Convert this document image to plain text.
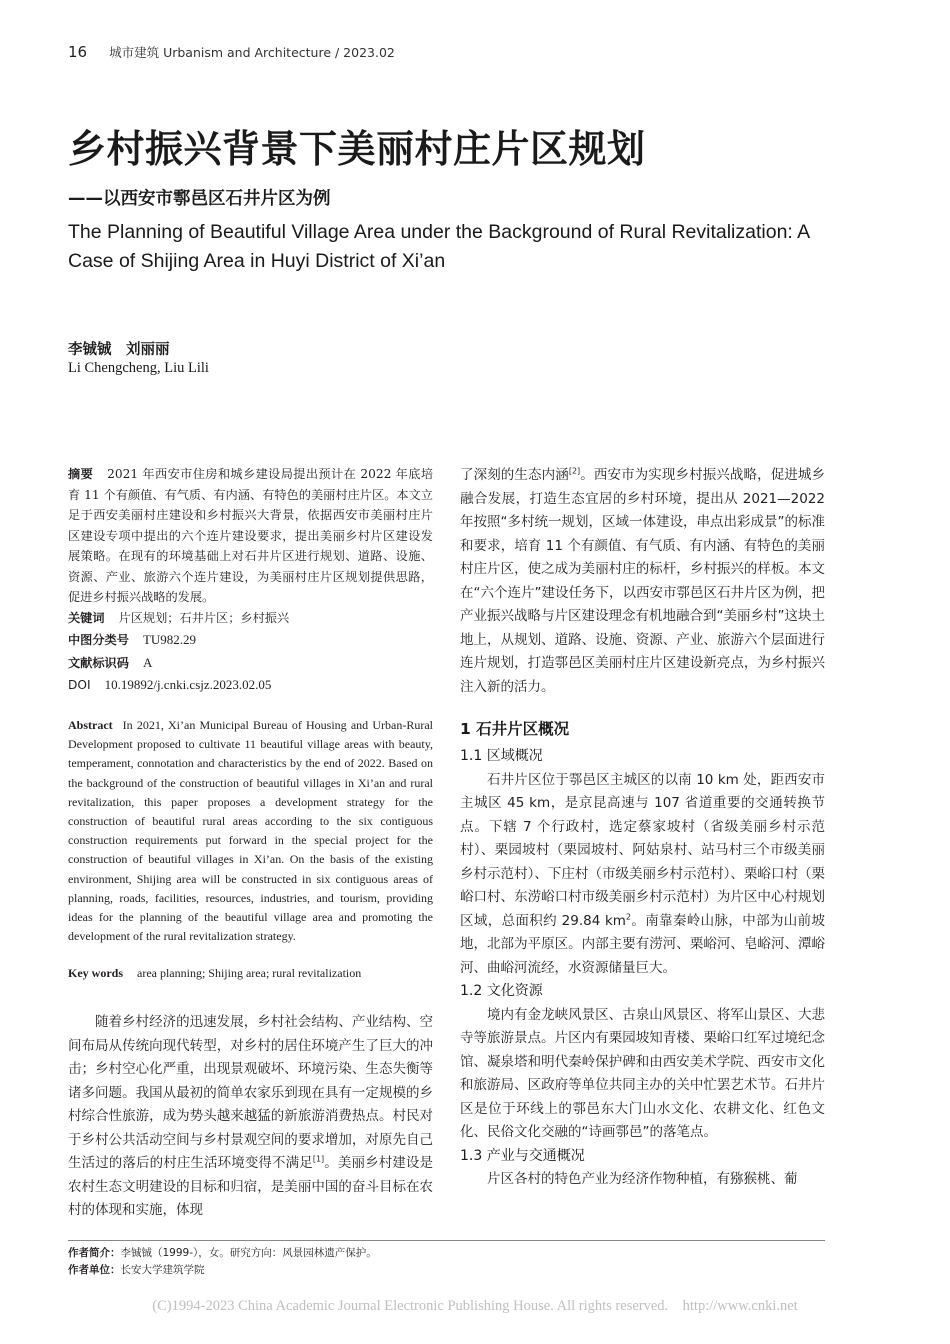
16 城市建筑 Urbanism and Architecture / 2023.02
乡村振兴背景下美丽村庄片区规划
——以西安市鄠邑区石井片区为例
The Planning of Beautiful Village Area under the Background of Rural Revitalization: A Case of Shijing Area in Huyi District of Xi’an
李铖铖　刘丽丽
Li Chengcheng, Liu Lili

摘要 2021 年西安市住房和城乡建设局提出预计在 2022 年底培育 11 个有颜值、有气质、有内涵、有特色的美丽村庄片区。本文立足于西安美丽村庄建设和乡村振兴大背景，依据西安市美丽村庄片区建设专项中提出的六个连片建设要求，提出美丽乡村片区建设发展策略。在现有的环境基础上对石井片区进行规划、道路、设施、资源、产业、旅游六个连片建设，为美丽村庄片区规划提供思路，促进乡村振兴战略的发展。

关键词 片区规划；石井片区；乡村振兴
中图分类号 TU982.29
文献标识码 A
DOI 10.19892/j.cnki.csjz.2023.02.05

Abstract In 2021, Xi’an Municipal Bureau of Housing and Urban-Rural Development proposed to cultivate 11 beautiful village areas with beauty, temperament, connotation and characteristics by the end of 2022. Based on the background of the construction of beautiful villages in Xi’an and rural revitalization, this paper proposes a development strategy for the construction of beautiful rural areas according to the six contiguous construction requirements put forward in the special project for the construction of beautiful villages in Xi’an. On the basis of the existing environment, Shijing area will be constructed in six contiguous areas of planning, roads, facilities, resources, industries, and tourism, providing ideas for the planning of the beautiful village area and promoting the development of the rural revitalization strategy.

Key words area planning; Shijing area; rural revitalization

随着乡村经济的迅速发展，乡村社会结构、产业结构、空间布局从传统向现代转型，对乡村的居住环境产生了巨大的冲击；乡村空心化严重，出现景观破坏、环境污染、生态失衡等诸多问题。我国从最初的简单农家乐到现在具有一定规模的乡村综合性旅游，成为势头越来越猛的新旅游消费热点。村民对于乡村公共活动空间与乡村景观空间的要求增加，对原先自己生活过的落后的村庄生活环境变得不满足[1]。美丽乡村建设是农村生态文明建设的目标和归宿，是美丽中国的奋斗目标在农村的体现和实施，体现

了深刻的生态内涵[2]。西安市为实现乡村振兴战略，促进城乡融合发展，打造生态宜居的乡村环境，提出从 2021—2022 年按照“多村统一规划，区域一体建设，串点出彩成景”的标准和要求，培育 11 个有颜值、有气质、有内涵、有特色的美丽村庄片区，使之成为美丽村庄的标杆，乡村振兴的样板。本文在“六个连片”建设任务下，以西安市鄠邑区石井片区为例，把产业振兴战略与片区建设理念有机地融合到“美丽乡村”这块土地上，从规划、道路、设施、资源、产业、旅游六个层面进行连片规划，打造鄠邑区美丽村庄片区建设新亮点，为乡村振兴注入新的活力。

1 石井片区概况
1.1 区域概况

石井片区位于鄠邑区主城区的以南 10 km 处，距西安市主城区 45 km，是京昆高速与 107 省道重要的交通转换节点。下辖 7 个行政村，选定蔡家坡村（省级美丽乡村示范村）、栗园坡村（栗园坡村、阿姑泉村、站马村三个市级美丽乡村示范村）、下庄村（市级美丽乡村示范村）、栗峪口村（栗峪口村、东涝峪口村市级美丽乡村示范村）为片区中心村规划区域，总面积约 29.84 $km^2$。南靠秦岭山脉，中部为山前坡地，北部为平原区。内部主要有涝河、栗峪河、皂峪河、潭峪河、曲峪河流经，水资源储量巨大。

1.2 文化资源

境内有金龙峡风景区、古泉山风景区、将军山景区、大悲寺等旅游景点。片区内有栗园坡知青楼、栗峪口红军过境纪念馆、凝泉塔和明代秦岭保护碑和由西安美术学院、西安市文化和旅游局、区政府等单位共同主办的关中忙罢艺术节。石井片区是位于环线上的鄠邑东大门山水文化、农耕文化、红色文化、民俗文化交融的“诗画鄠邑”的落笔点。

1.3 产业与交通概况

片区各村的特色产业为经济作物种植，有猕猴桃、葡

作者简介：李铖铖（1999-），女。研究方向：风景园林遗产保护。
作者单位：长安大学建筑学院
(C)1994-2023 China Academic Journal Electronic Publishing House. All rights reserved.    http://www.cnki.net
